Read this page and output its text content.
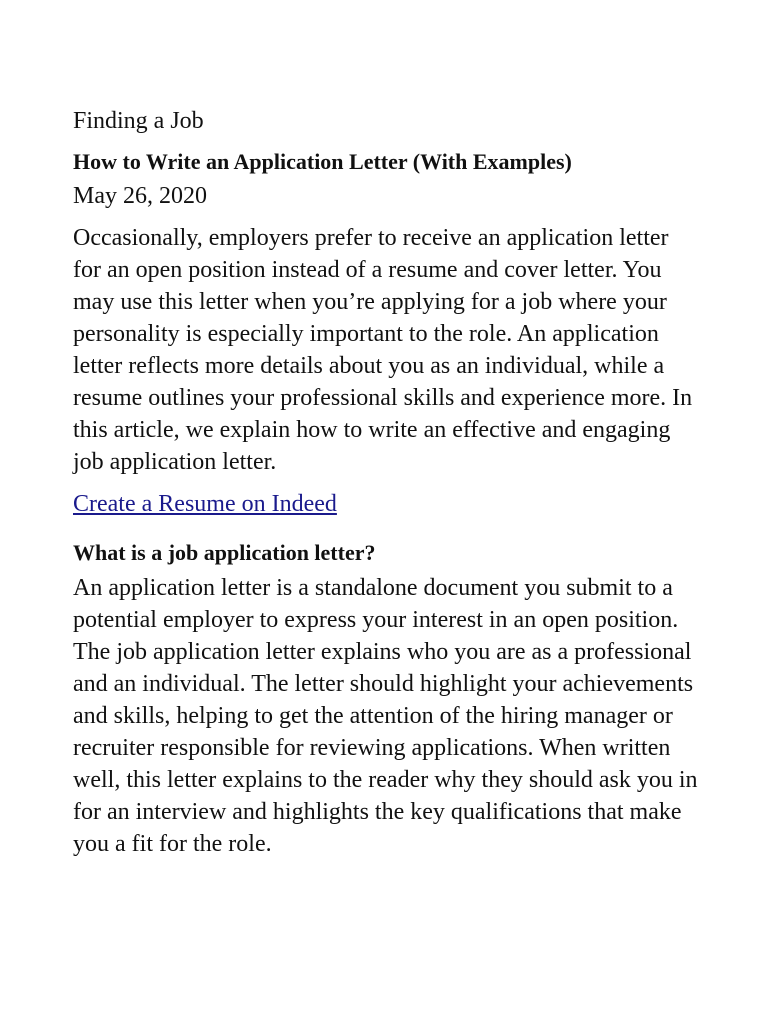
Finding a Job
How to Write an Application Letter (With Examples)
May 26, 2020

Occasionally, employers prefer to receive an application letter for an open position instead of a resume and cover letter. You may use this letter when you’re applying for a job where your personality is especially important to the role. An application letter reflects more details about you as an individual, while a resume outlines your professional skills and experience more. In this article, we explain how to write an effective and engaging job application letter.

Create a Resume on Indeed
What is a job application letter?

An application letter is a standalone document you submit to a potential employer to express your interest in an open position. The job application letter explains who you are as a professional and an individual. The letter should highlight your achievements and skills, helping to get the attention of the hiring manager or recruiter responsible for reviewing applications. When written well, this letter explains to the reader why they should ask you in for an interview and highlights the key qualifications that make you a fit for the role.
